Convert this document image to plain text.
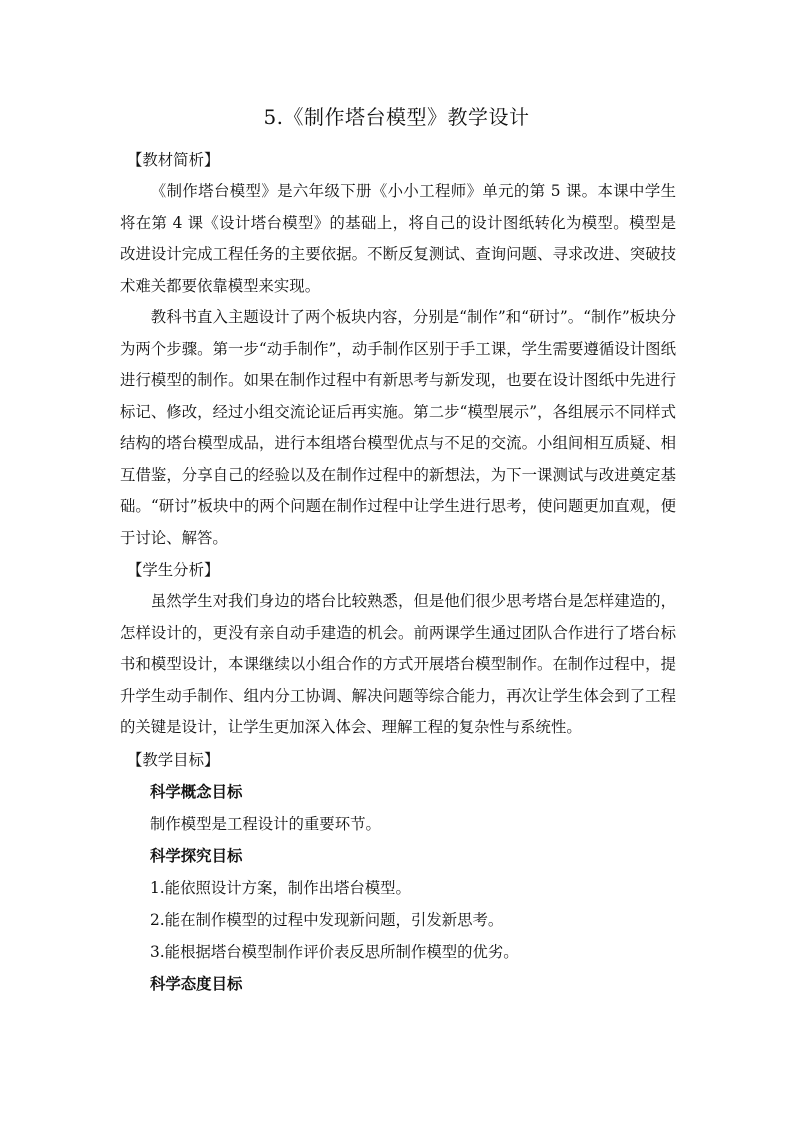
5.《制作塔台模型》教学设计

【教材简析】

《制作塔台模型》是六年级下册《小小工程师》单元的第 5 课。本课中学生将在第 4 课《设计塔台模型》的基础上，将自己的设计图纸转化为模型。模型是改进设计完成工程任务的主要依据。不断反复测试、查询问题、寻求改进、突破技术难关都要依靠模型来实现。

教科书直入主题设计了两个板块内容，分别是“制作”和“研讨”。“制作”板块分为两个步骤。第一步“动手制作”，动手制作区别于手工课，学生需要遵循设计图纸进行模型的制作。如果在制作过程中有新思考与新发现，也要在设计图纸中先进行标记、修改，经过小组交流论证后再实施。第二步“模型展示”，各组展示不同样式结构的塔台模型成品，进行本组塔台模型优点与不足的交流。小组间相互质疑、相互借鉴，分享自己的经验以及在制作过程中的新想法，为下一课测试与改进奠定基础。“研讨”板块中的两个问题在制作过程中让学生进行思考，使问题更加直观，便于讨论、解答。

【学生分析】

虽然学生对我们身边的塔台比较熟悉，但是他们很少思考塔台是怎样建造的，怎样设计的，更没有亲自动手建造的机会。前两课学生通过团队合作进行了塔台标书和模型设计，本课继续以小组合作的方式开展塔台模型制作。在制作过程中，提升学生动手制作、组内分工协调、解决问题等综合能力，再次让学生体会到了工程的关键是设计，让学生更加深入体会、理解工程的复杂性与系统性。

【教学目标】

科学概念目标

制作模型是工程设计的重要环节。

科学探究目标

1.能依照设计方案，制作出塔台模型。

2.能在制作模型的过程中发现新问题，引发新思考。

3.能根据塔台模型制作评价表反思所制作模型的优劣。

科学态度目标
